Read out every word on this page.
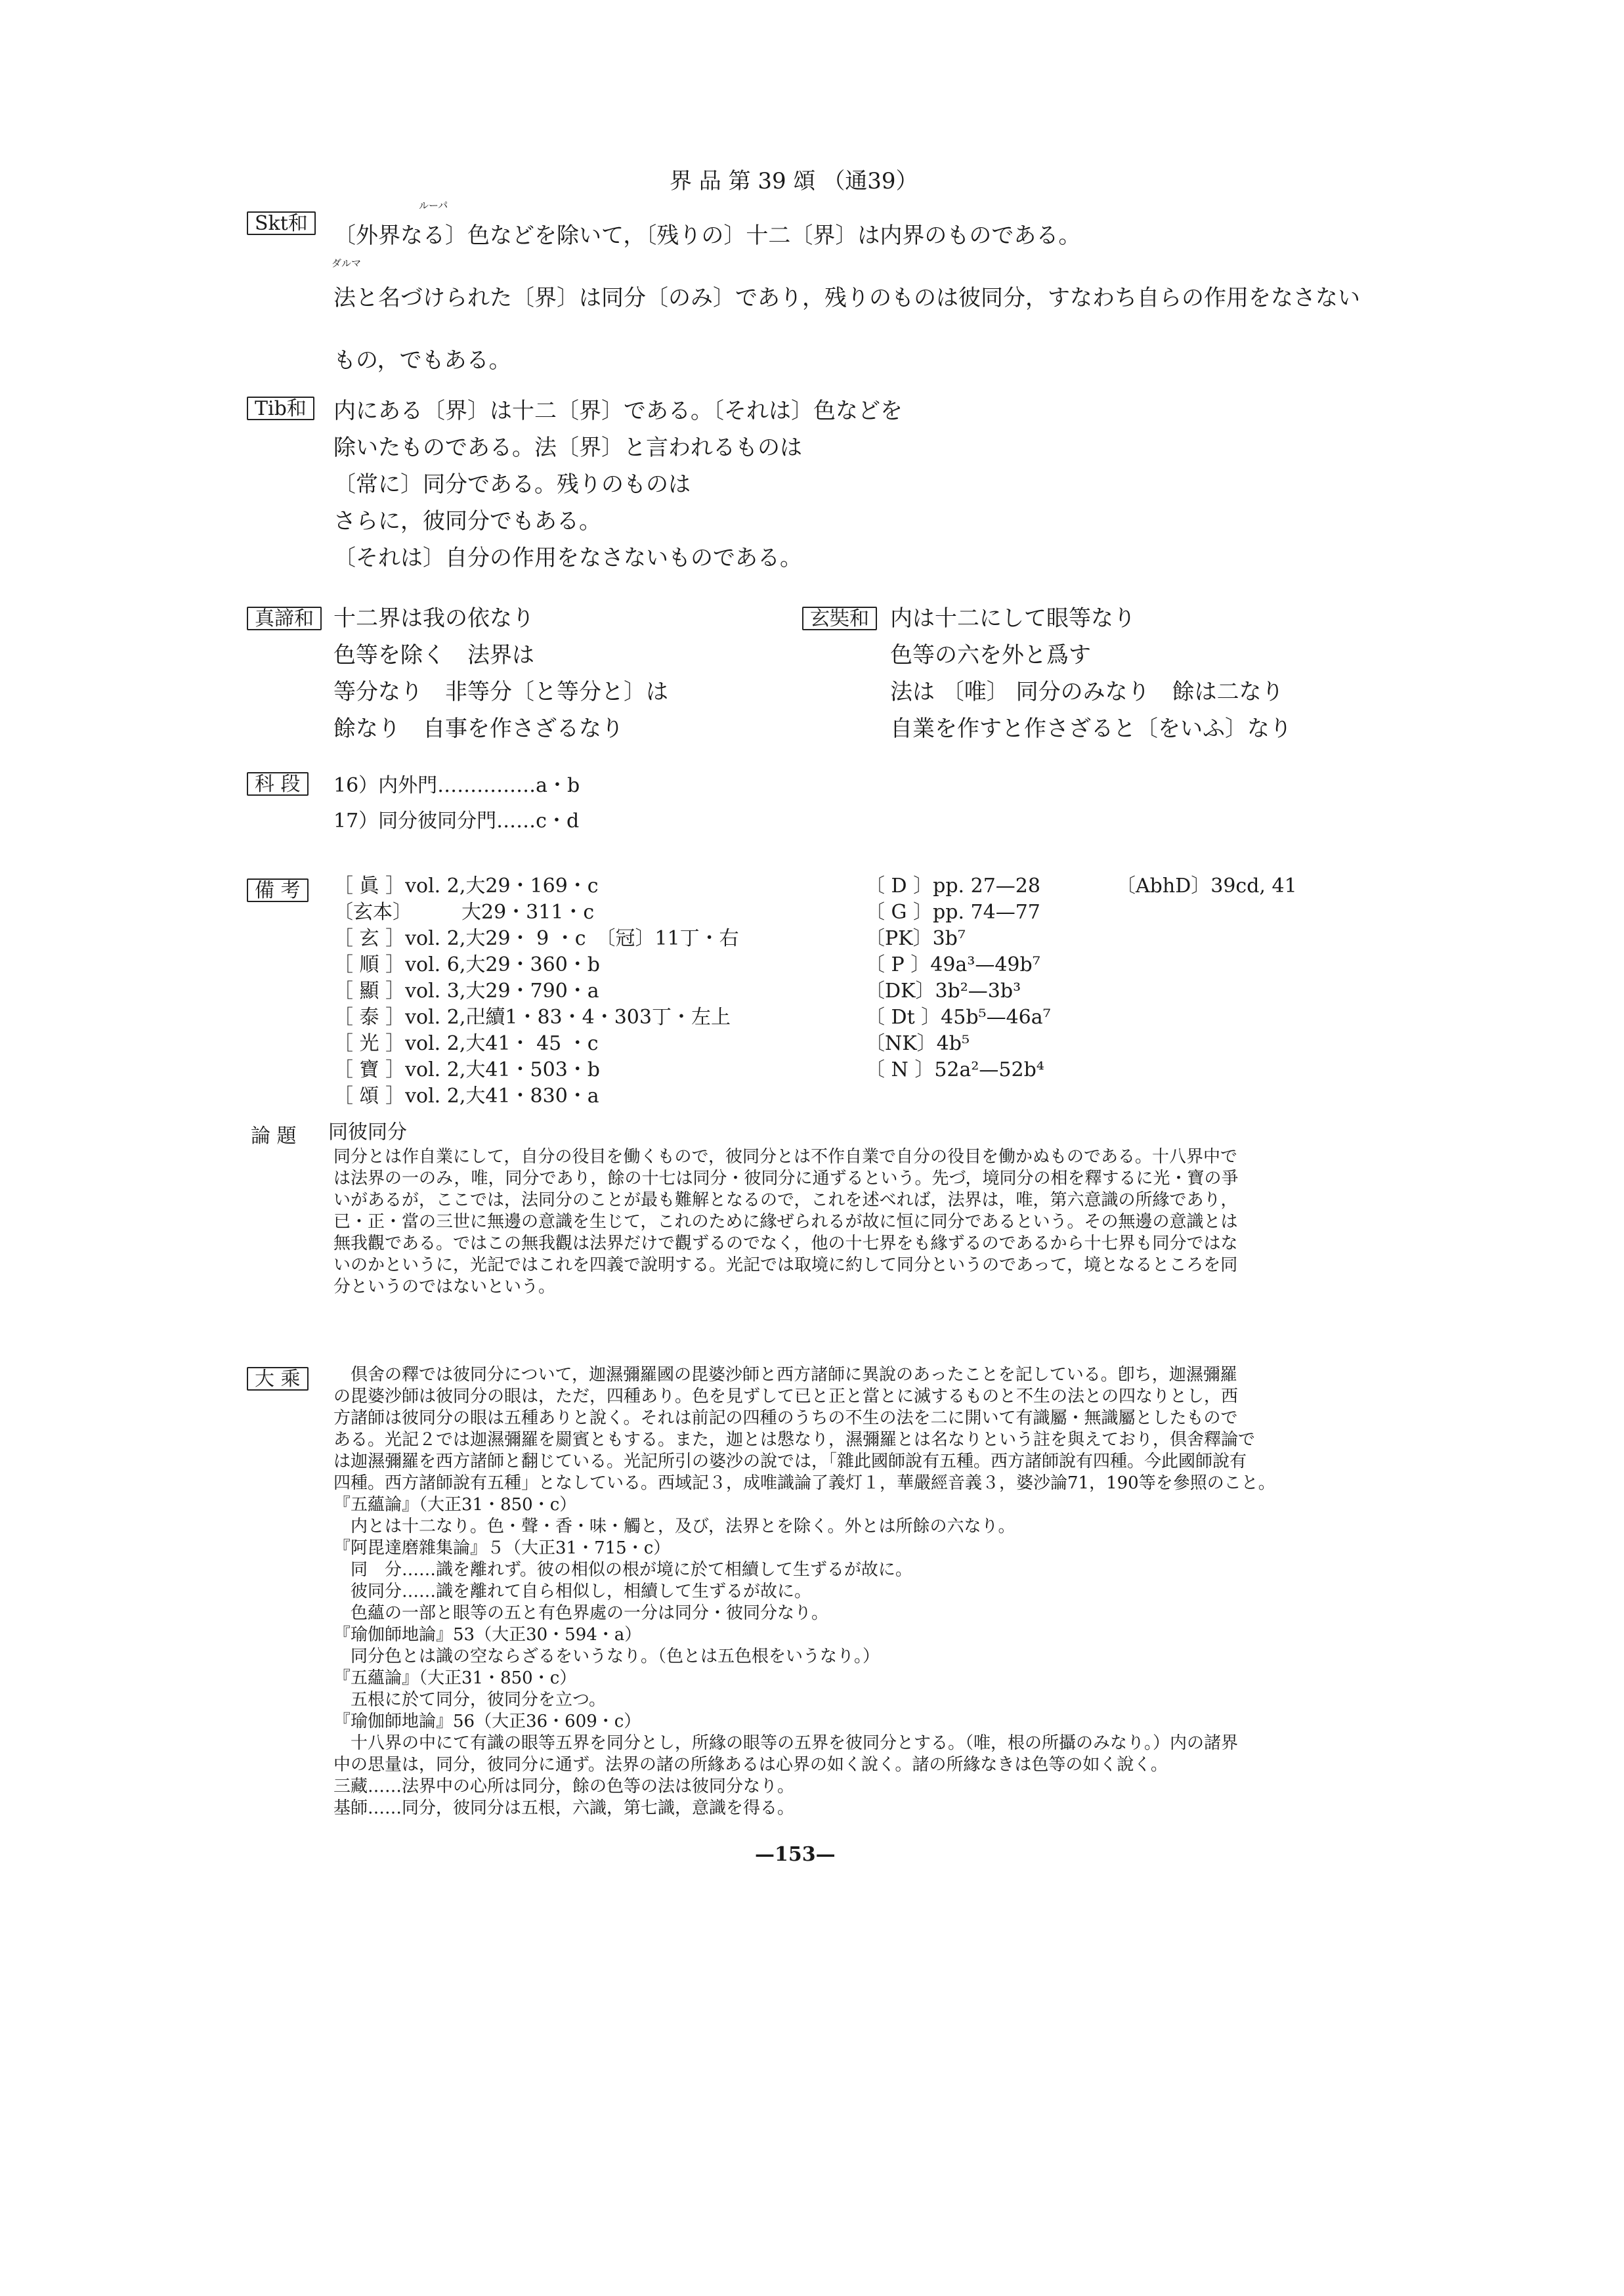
界 品 第 39 頌 （通39）
Skt和
ルーパ
ダルマ
〔外界なる〕色などを除いて，〔残りの〕十二〔界〕は内界のものである。
法と名づけられた〔界〕は同分〔のみ〕であり，残りのものは彼同分，すなわち自らの作用をなさない
もの，でもある。
Tib和	内にある〔界〕は十二〔界〕である。〔それは〕色などを
除いたものである。法〔界〕と言われるものは
〔常に〕同分である。残りのものは
さらに，彼同分でもある。
〔それは〕自分の作用をなさないものである。
真諦和 十二界は我の依なり
色等を除く　法界は
等分なり　非等分〔と等分と〕は
餘なり　自事を作さざるなり
玄奘和 内は十二にして眼等なり
色等の六を外と爲す
法は 〔唯〕 同分のみなり　餘は二なり
自業を作すと作さざると〔をいふ〕なり
科 段	16）内外門……………a・b
17）同分彼同分門……c・d
備 考	［ 眞 ］vol. 2,大29・169・c
〔玄本〕　　　大29・311・c
［ 玄 ］vol. 2,大29・ 9 ・c　〔冠〕11丁・右
［ 順 ］vol. 6,大29・360・b
［ 顯 ］vol. 3,大29・790・a
［ 泰 ］vol. 2,卍續1・83・4・303丁・左上
［ 光 ］vol. 2,大41・ 45 ・c
［ 寶 ］vol. 2,大41・503・b
［ 頌 ］vol. 2,大41・830・a
〔 D 〕pp. 27—28
〔 G 〕pp. 74—77
〔PK〕3b⁷
〔 P 〕49a³—49b⁷
〔DK〕3b²—3b³
〔 Dt 〕45b⁵—46a⁷
〔NK〕4b⁵
〔 N 〕52a²—52b⁴
〔AbhD〕39cd, 41
論 題	同彼同分
同分とは作自業にして，自分の役目を働くもので，彼同分とは不作自業で自分の役目を働かぬものである。十八界中で
は法界の一のみ，唯，同分であり，餘の十七は同分・彼同分に通ずるという。先づ，境同分の相を釋するに光・寶の爭
いがあるが，ここでは，法同分のことが最も難解となるので，これを述べれば，法界は，唯，第六意識の所緣であり，
已・正・當の三世に無邊の意識を生じて，これのために緣ぜられるが故に恒に同分であるという。その無邊の意識とは
無我觀である。ではこの無我觀は法界だけで觀ずるのでなく，他の十七界をも緣ずるのであるから十七界も同分ではな
いのかというに，光記ではこれを四義で說明する。光記では取境に約して同分というのであって，境となるところを同
分というのではないという。
大 乘	　倶舍の釋では彼同分について，迦濕彌羅國の毘婆沙師と西方諸師に異說のあったことを記している。卽ち，迦濕彌羅
の毘婆沙師は彼同分の眼は，ただ，四種あり。色を見ずして已と正と當とに滅するものと不生の法との四なりとし，西
方諸師は彼同分の眼は五種ありと說く。それは前記の四種のうちの不生の法を二に開いて有識屬・無識屬としたもので
ある。光記２では迦濕彌羅を罽賓ともする。また，迦とは慇なり，濕彌羅とは名なりという註を與えており，倶舍釋論で
は迦濕彌羅を西方諸師と翻じている。光記所引の婆沙の說では，「雜此國師說有五種。西方諸師說有四種。今此國師說有
四種。西方諸師說有五種」となしている。西域記３，成唯識論了義灯１，華嚴經音義３，婆沙論71，190等を參照のこと。
『五蘊論』（大正31・850・c）
　内とは十二なり。色・聲・香・味・觸と，及び，法界とを除く。外とは所餘の六なり。
『阿毘達磨雜集論』５（大正31・715・c）
　同　分……識を離れず。彼の相似の根が境に於て相續して生ずるが故に。
　彼同分……識を離れて自ら相似し，相續して生ずるが故に。
　色蘊の一部と眼等の五と有色界處の一分は同分・彼同分なり。
『瑜伽師地論』53（大正30・594・a）
　同分色とは識の空ならざるをいうなり。（色とは五色根をいうなり。）
『五蘊論』（大正31・850・c）
　五根に於て同分，彼同分を立つ。
『瑜伽師地論』56（大正36・609・c）
　十八界の中にて有識の眼等五界を同分とし，所緣の眼等の五界を彼同分とする。（唯，根の所攝のみなり。）内の諸界
中の思量は，同分，彼同分に通ず。法界の諸の所緣あるは心界の如く說く。諸の所緣なきは色等の如く說く。
三藏……法界中の心所は同分，餘の色等の法は彼同分なり。
基師……同分，彼同分は五根，六識，第七識，意識を得る。
—153—
